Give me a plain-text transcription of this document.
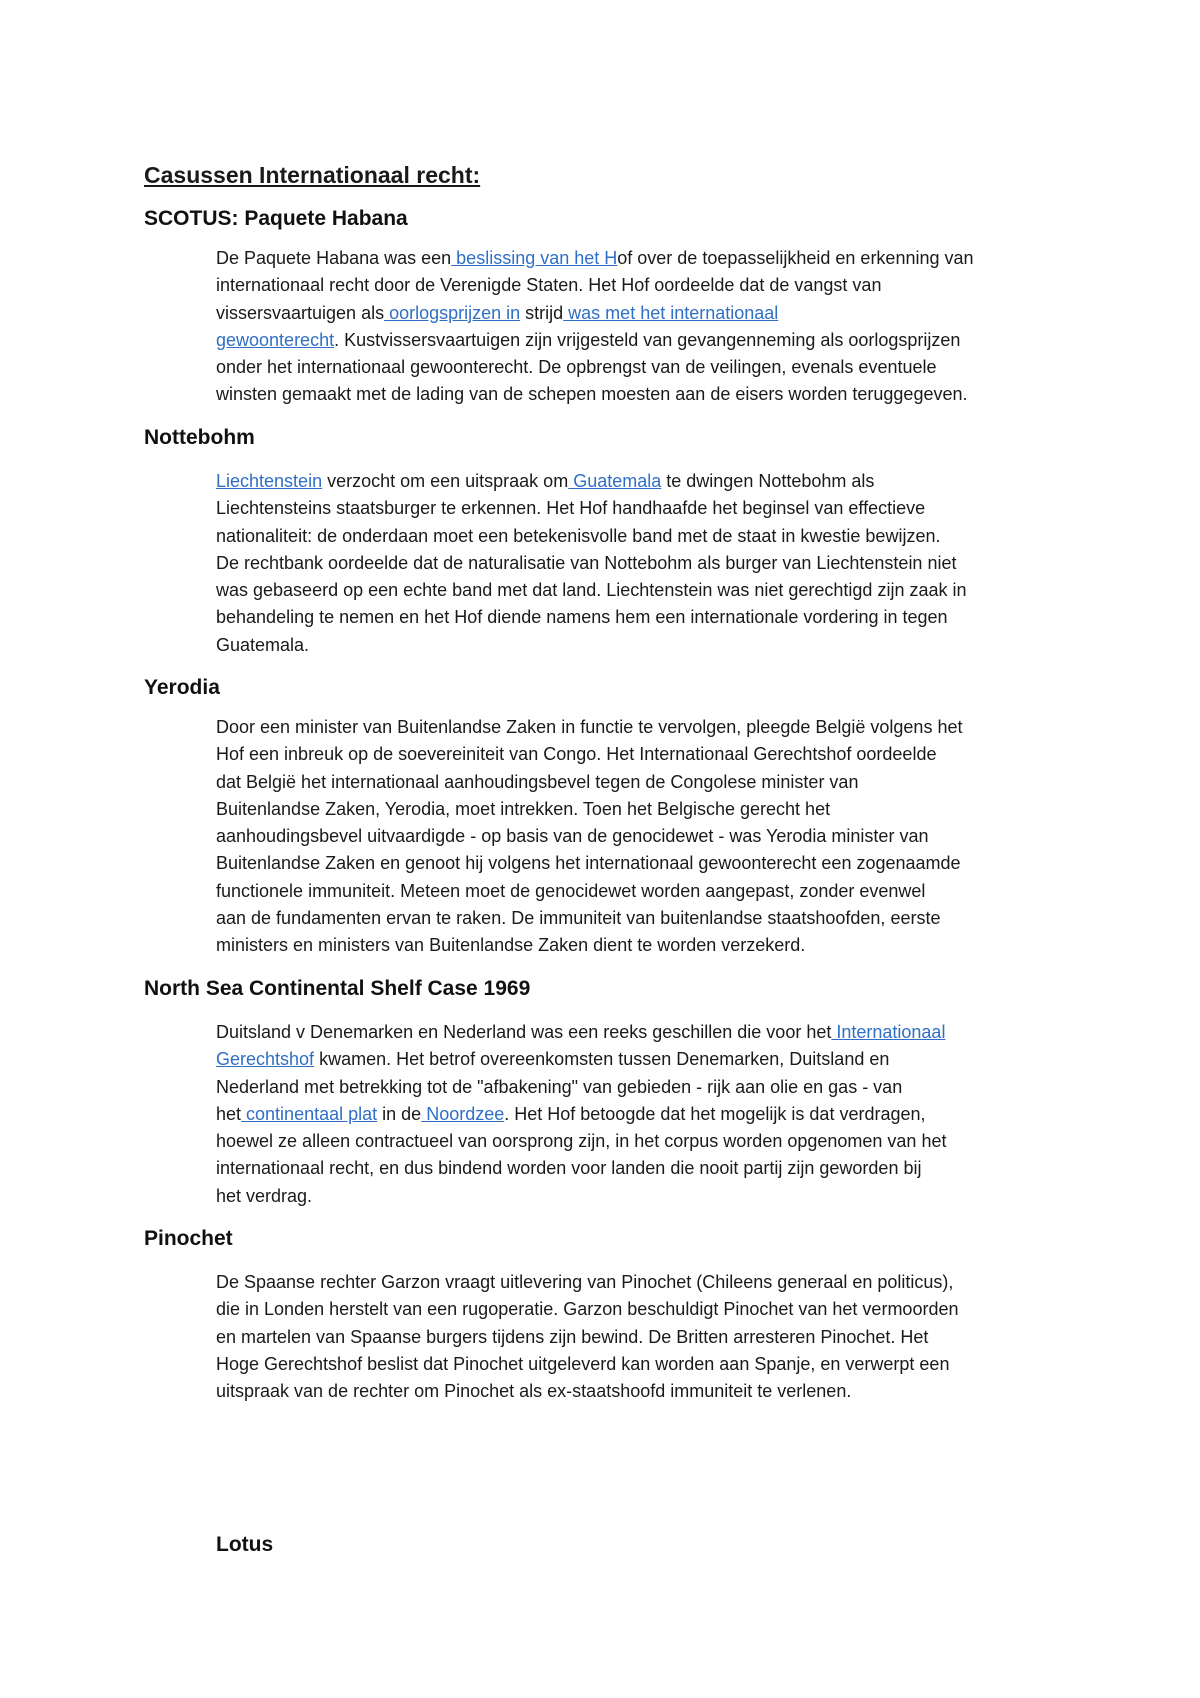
Casussen Internationaal recht:
SCOTUS: Paquete Habana
De Paquete Habana was een beslissing van het Hof over de toepasselijkheid en erkenning van
internationaal recht door de Verenigde Staten. Het Hof oordeelde dat de vangst van
vissersvaartuigen als oorlogsprijzen in strijd was met het internationaal
gewoonterecht. Kustvissersvaartuigen zijn vrijgesteld van gevangenneming als oorlogsprijzen
onder het internationaal gewoonterecht. De opbrengst van de veilingen, evenals eventuele
winsten gemaakt met de lading van de schepen moesten aan de eisers worden teruggegeven.
Nottebohm
Liechtenstein verzocht om een uitspraak om Guatemala te dwingen Nottebohm als
Liechtensteins staatsburger te erkennen. Het Hof handhaafde het beginsel van effectieve
nationaliteit: de onderdaan moet een betekenisvolle band met de staat in kwestie bewijzen.
De rechtbank oordeelde dat de naturalisatie van Nottebohm als burger van Liechtenstein niet
was gebaseerd op een echte band met dat land. Liechtenstein was niet gerechtigd zijn zaak in
behandeling te nemen en het Hof diende namens hem een internationale vordering in tegen
Guatemala.
Yerodia
Door een minister van Buitenlandse Zaken in functie te vervolgen, pleegde België volgens het
Hof een inbreuk op de soevereiniteit van Congo. Het Internationaal Gerechtshof oordeelde
dat België het internationaal aanhoudingsbevel tegen de Congolese minister van
Buitenlandse Zaken, Yerodia, moet intrekken. Toen het Belgische gerecht het
aanhoudingsbevel uitvaardigde - op basis van de genocidewet - was Yerodia minister van
Buitenlandse Zaken en genoot hij volgens het internationaal gewoonterecht een zogenaamde
functionele immuniteit. Meteen moet de genocidewet worden aangepast, zonder evenwel
aan de fundamenten ervan te raken. De immuniteit van buitenlandse staatshoofden, eerste
ministers en ministers van Buitenlandse Zaken dient te worden verzekerd.
North Sea Continental Shelf Case 1969
Duitsland v Denemarken en Nederland was een reeks geschillen die voor het Internationaal
Gerechtshof kwamen. Het betrof overeenkomsten tussen Denemarken, Duitsland en
Nederland met betrekking tot de "afbakening" van gebieden - rijk aan olie en gas - van
het continentaal plat in de Noordzee. Het Hof betoogde dat het mogelijk is dat verdragen,
hoewel ze alleen contractueel van oorsprong zijn, in het corpus worden opgenomen van het
internationaal recht, en dus bindend worden voor landen die nooit partij zijn geworden bij
het verdrag.
Pinochet
De Spaanse rechter Garzon vraagt uitlevering van Pinochet (Chileens generaal en politicus),
die in Londen herstelt van een rugoperatie. Garzon beschuldigt Pinochet van het vermoorden
en martelen van Spaanse burgers tijdens zijn bewind. De Britten arresteren Pinochet. Het
Hoge Gerechtshof beslist dat Pinochet uitgeleverd kan worden aan Spanje, en verwerpt een
uitspraak van de rechter om Pinochet als ex-staatshoofd immuniteit te verlenen.
Lotus
